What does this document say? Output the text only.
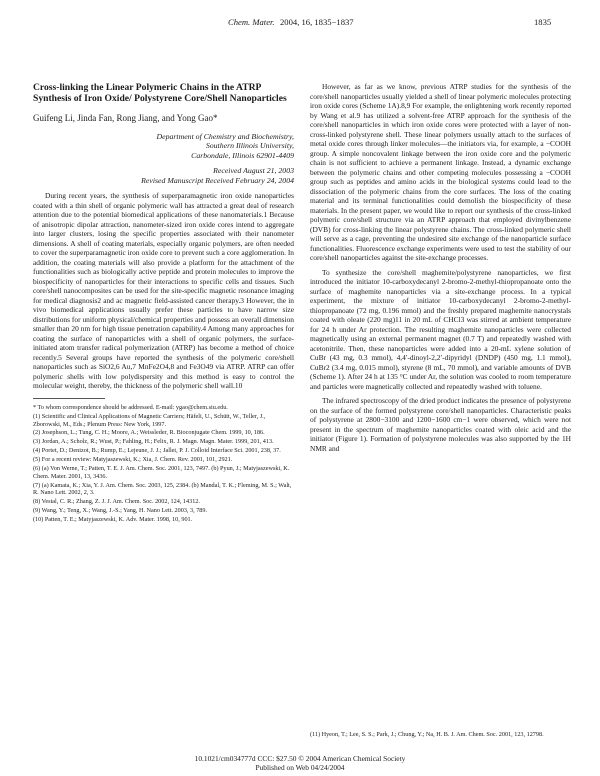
Chem. Mater. 2004, 16, 1835−1837	1835
Cross-linking the Linear Polymeric Chains in the ATRP Synthesis of Iron Oxide/ Polystyrene Core/Shell Nanoparticles
Guifeng Li, Jinda Fan, Rong Jiang, and Yong Gao*
Department of Chemistry and Biochemistry,
Southern Illinois University,
Carbondale, Illinois 62901-4409
Received August 21, 2003
Revised Manuscript Received February 24, 2004

During recent years, the synthesis of superparamagnetic iron oxide nanoparticles coated with a thin shell of organic polymeric wall has attracted a great deal of research attention due to the potential biomedical applications of these nanomaterials.1 Because of anisotropic dipolar attraction, nanometer-sized iron oxide cores intend to aggregate into larger clusters, losing the specific properties associated with their nanometer dimensions. A shell of coating materials, especially organic polymers, are often needed to cover the superparamagnetic iron oxide core to prevent such a core agglomeration. In addition, the coating materials will also provide a platform for the attachment of the functionalities such as biologically active peptide and protein molecules to improve the biospecificity of nanoparticles for their interactions to specific cells and tissues. Such core/shell nanocomposites can be used for the site-specific magnetic resonance imaging for medical diagnosis2 and ac magnetic field-assisted cancer therapy.3 However, the in vivo biomedical applications usually prefer these particles to have narrow size distributions for uniform physical/chemical properties and possess an overall dimension smaller than 20 nm for high tissue penetration capability.4 Among many approaches for coating the surface of nanoparticles with a shell of organic polymers, the surface-initiated atom transfer radical polymerization (ATRP) has become a method of choice recently.5 Several groups have reported the synthesis of the polymeric core/shell nanoparticles such as SiO2,6 Au,7 MnFe2O4,8 and Fe3O49 via ATRP. ATRP can offer polymeric shells with low polydispersity and this method is easy to control the molecular weight, thereby, the thickness of the polymeric shell wall.10

* To whom correspondence should be addressed. E-mail: ygao@chem.siu.edu.

(1) Scientific and Clinical Applications of Magnetic Carriers; Häfeli, U., Schütt, W., Teller, J., Zborowski, M., Eds.; Plenum Press: New York, 1997.

(2) Josephson, L.; Tung, C. H.; Moore, A.; Weissleder, R. Bioconjugate Chem. 1999, 10, 186.

(3) Jordan, A.; Scholz, R.; Wust, P.; Fahling, H.; Felix, R. J. Magn. Magn. Mater. 1999, 201, 413.

(4) Portet, D.; Denizot, B.; Rump, E.; Lejeune, J. J.; Jallet, P. J. Colloid Interface Sci. 2001, 238, 37.

(5) For a recent review: Matyjaszewski, K.; Xia, J. Chem. Rev. 2001, 101, 2921.

(6) (a) Von Werne, T.; Patten, T. E. J. Am. Chem. Soc. 2001, 123, 7497. (b) Pyun, J.; Matyjaszewski, K. Chem. Mater. 2001, 13, 3436.

(7) (a) Kamata, K.; Xia, Y. J. Am. Chem. Soc. 2003, 125, 2384. (b) Mandal, T. K.; Fleming, M. S.; Walt, R. Nano Lett. 2002, 2, 3.

(8) Vestal, C. R.; Zhang, Z. J. J. Am. Chem. Soc. 2002, 124, 14312.

(9) Wang, Y.; Teng, X.; Wang, J.-S.; Yang, H. Nano Lett. 2003, 3, 789.

(10) Patten, T. E.; Matyjaszewski, K. Adv. Mater. 1998, 10, 901.

However, as far as we know, previous ATRP studies for the synthesis of the core/shell nanoparticles usually yielded a shell of linear polymeric molecules protecting iron oxide cores (Scheme 1A).8,9 For example, the enlightening work recently reported by Wang et al.9 has utilized a solvent-free ATRP approach for the synthesis of the core/shell nanoparticles in which iron oxide cores were protected with a layer of non-cross-linked polystyrene shell. These linear polymers usually attach to the surfaces of metal oxide cores through linker molecules—the initiators via, for example, a −COOH group. A simple noncovalent linkage between the iron oxide core and the polymeric chain is not sufficient to achieve a permanent linkage. Instead, a dynamic exchange between the polymeric chains and other competing molecules possessing a −COOH group such as peptides and amino acids in the biological systems could lead to the dissociation of the polymeric chains from the core surfaces. The loss of the coating material and its terminal functionalities could demolish the biospecificity of these materials. In the present paper, we would like to report our synthesis of the cross-linked polymeric core/shell structure via an ATRP approach that employed divinylbenzene (DVB) for cross-linking the linear polystyrene chains. The cross-linked polymeric shell will serve as a cage, preventing the undesired site exchange of the nanoparticle surface functionalities. Fluorescence exchange experiments were used to test the stability of our core/shell nanoparticles against the site-exchange processes.

To synthesize the core/shell maghemite/polystyrene nanoparticles, we first introduced the initiator 10-carboxydecanyl 2-bromo-2-methyl-thiopropanoate onto the surface of maghemite nanoparticles via a site-exchange process. In a typical experiment, the mixture of initiator 10-carboxydecanyl 2-bromo-2-methyl-thiopropanoate (72 mg, 0.196 mmol) and the freshly prepared maghemite nanocrystals coated with oleate (220 mg)11 in 20 mL of CHCl3 was stirred at ambient temperature for 24 h under Ar protection. The resulting maghemite nanoparticles were collected magnetically using an external permanent magnet (0.7 T) and repeatedly washed with acetonitrile. Then, these nanoparticles were added into a 20-mL xylene solution of CuBr (43 mg, 0.3 mmol), 4,4′-dinoyl-2,2′-dipyridyl (DNDP) (450 mg, 1.1 mmol), CuBr2 (3.4 mg, 0.015 mmol), styrene (8 mL, 70 mmol), and variable amounts of DVB (Scheme 1). After 24 h at 135 °C under Ar, the solution was cooled to room temperature and particles were magnetically collected and repeatedly washed with toluene.

The infrared spectroscopy of the dried product indicates the presence of polystyrene on the surface of the formed polystyrene core/shell nanoparticles. Characteristic peaks of polystyrene at 2800−3100 and 1200−1600 cm−1 were observed, which were not present in the spectrum of maghemite nanoparticles coated with oleic acid and the initiator (Figure 1). Formation of polystyrene molecules was also supported by the 1H NMR and

(11) Hyeon, T.; Lee, S. S.; Park, J.; Chung, Y.; Na, H. B. J. Am. Chem. Soc. 2001, 123, 12798.

10.1021/cm034777d CCC: $27.50 © 2004 American Chemical Society
Published on Web 04/24/2004
